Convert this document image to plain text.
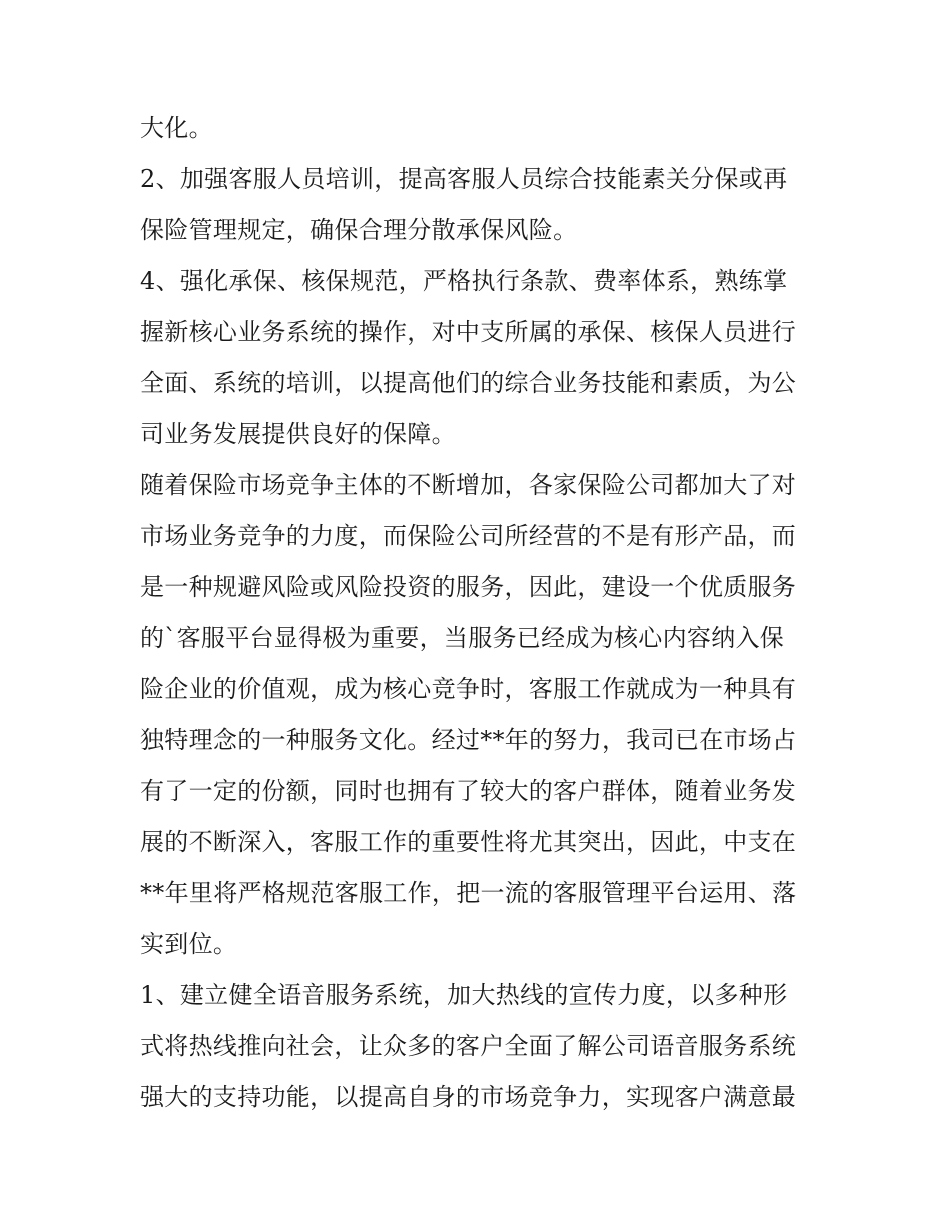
大化。
2、加强客服人员培训，提高客服人员综合技能素关分保或再
保险管理规定，确保合理分散承保风险。
4、强化承保、核保规范，严格执行条款、费率体系，熟练掌
握新核心业务系统的操作，对中支所属的承保、核保人员进行
全面、系统的培训，以提高他们的综合业务技能和素质，为公
司业务发展提供良好的保障。
随着保险市场竞争主体的不断增加，各家保险公司都加大了对
市场业务竞争的力度，而保险公司所经营的不是有形产品，而
是一种规避风险或风险投资的服务，因此，建设一个优质服务
的`客服平台显得极为重要，当服务已经成为核心内容纳入保
险企业的价值观，成为核心竞争时，客服工作就成为一种具有
独特理念的一种服务文化。经过**年的努力，我司已在市场占
有了一定的份额，同时也拥有了较大的客户群体，随着业务发
展的不断深入，客服工作的重要性将尤其突出，因此，中支在
**年里将严格规范客服工作，把一流的客服管理平台运用、落
实到位。
1、建立健全语音服务系统，加大热线的宣传力度，以多种形
式将热线推向社会，让众多的客户全面了解公司语音服务系统
强大的支持功能，以提高自身的市场竞争力，实现客户满意最
